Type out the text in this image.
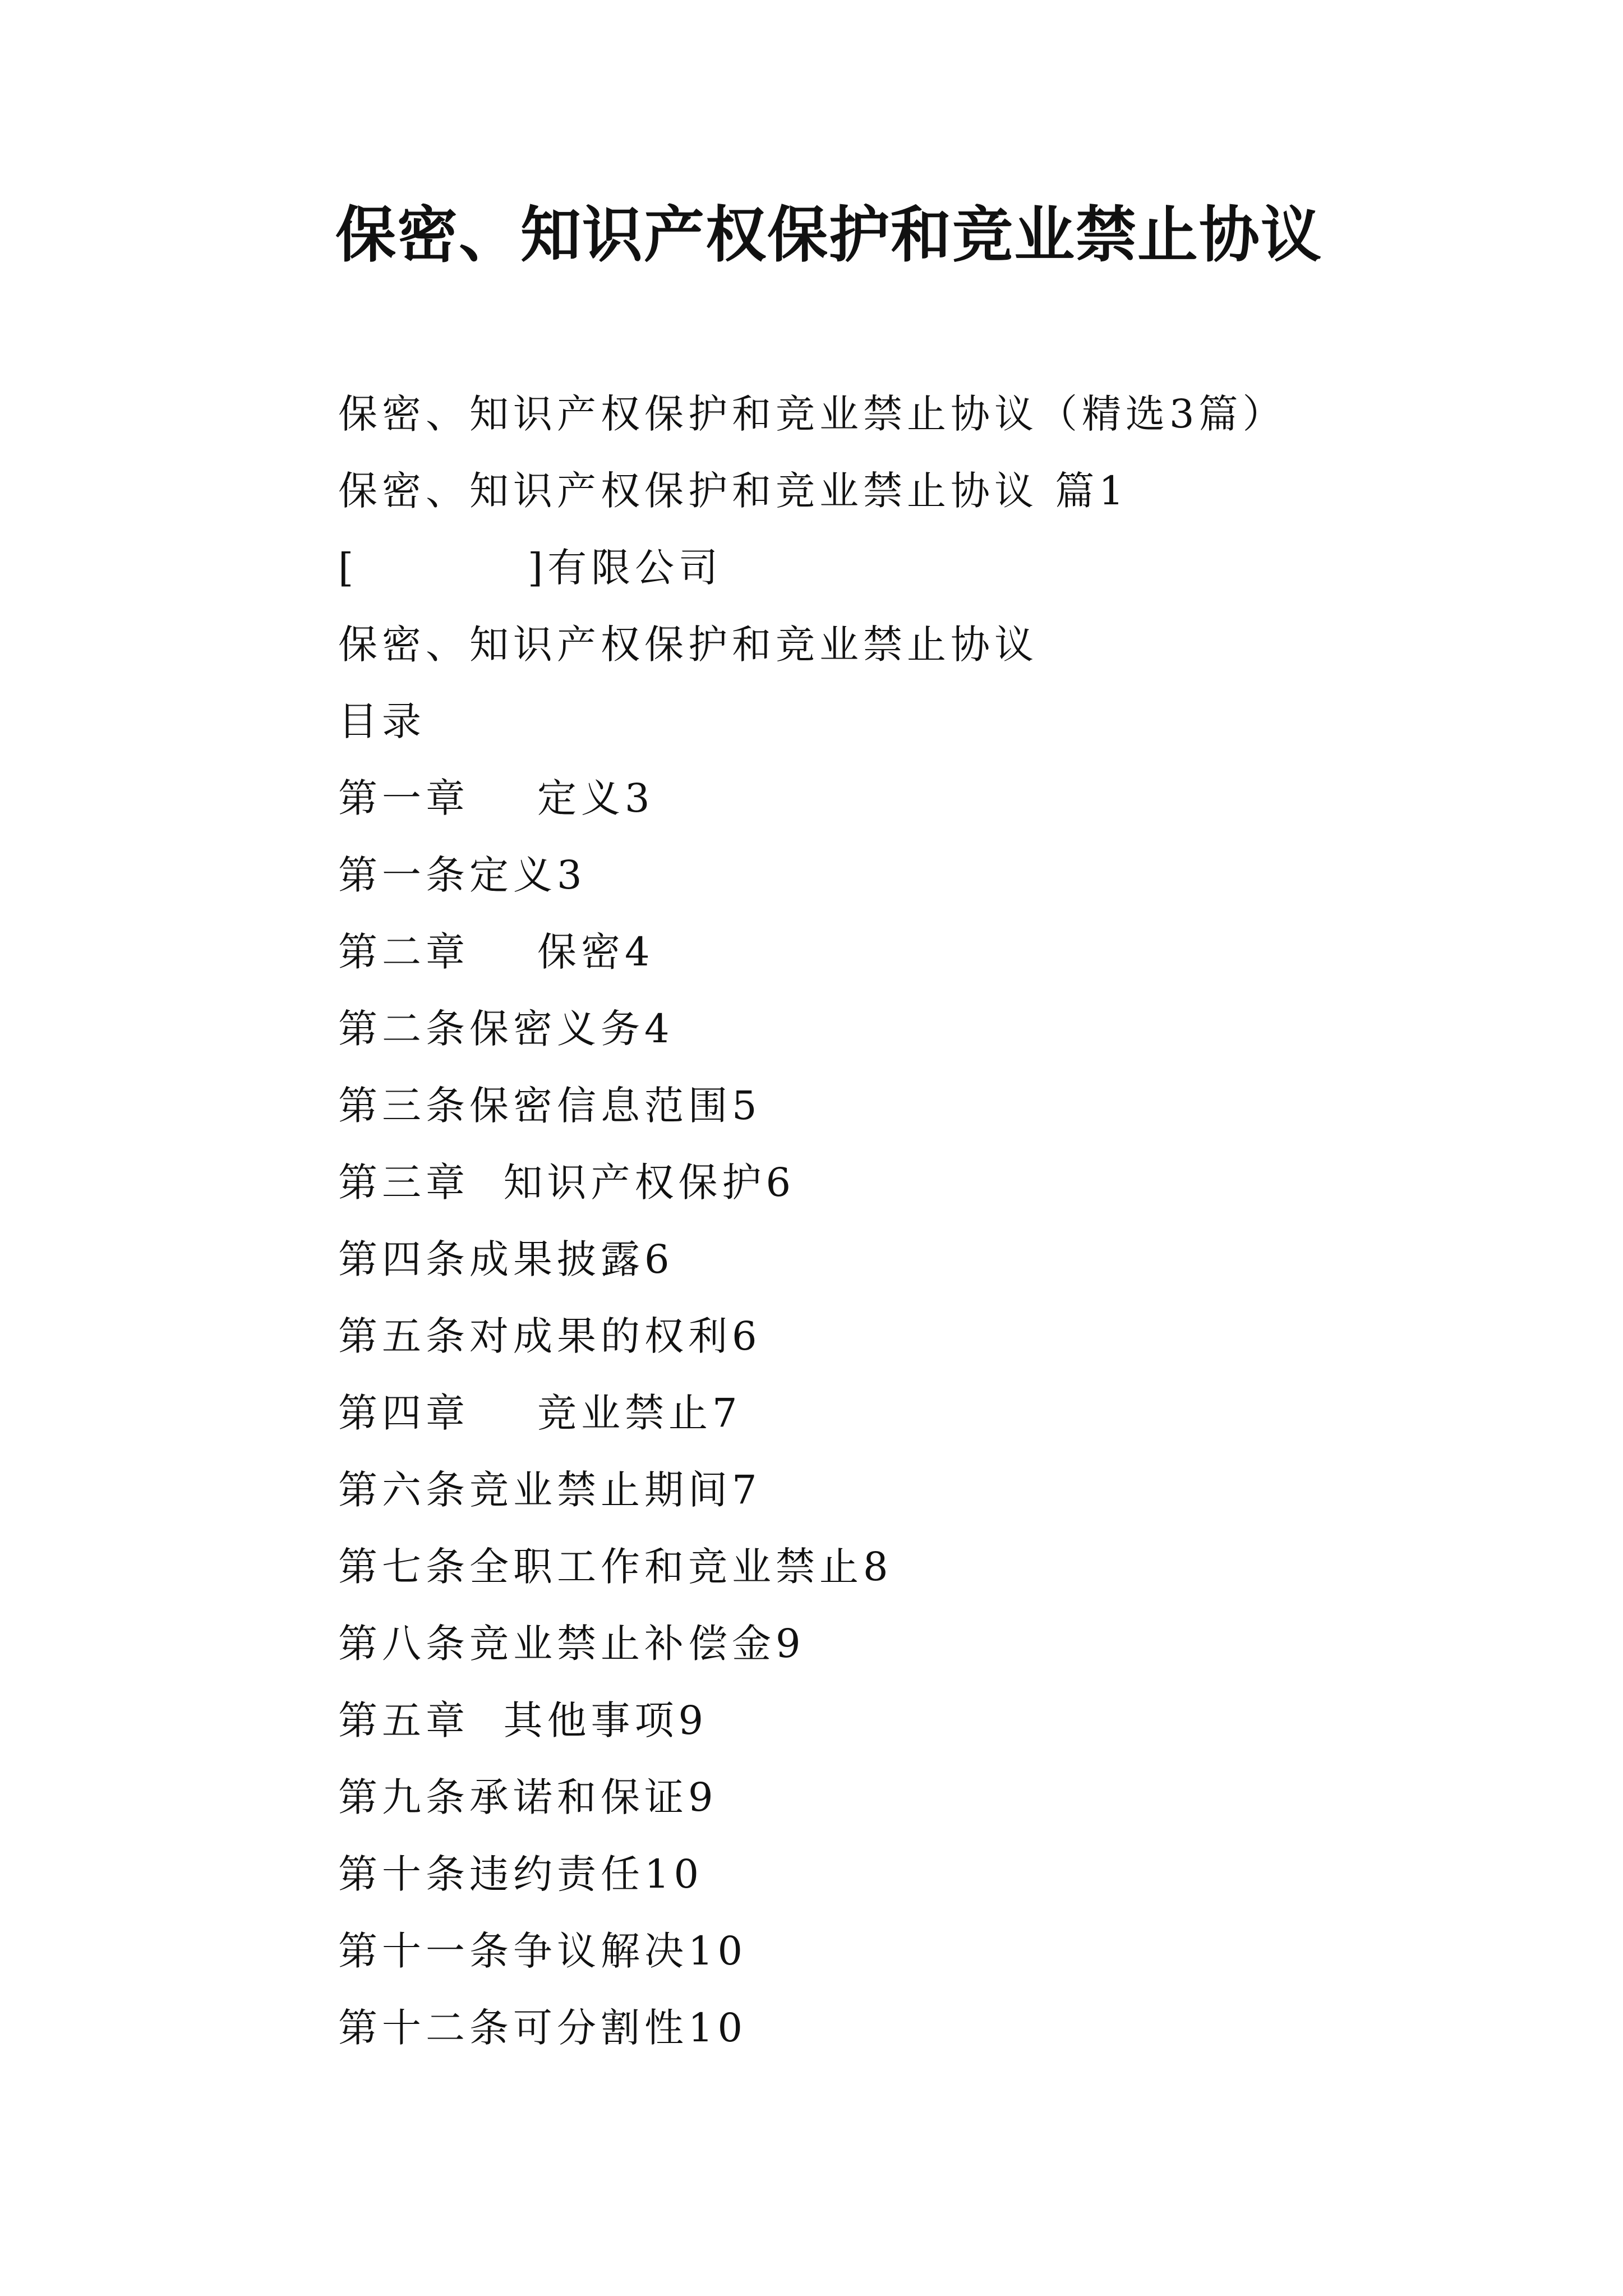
保密、知识产权保护和竞业禁止协议
保密、知识产权保护和竞业禁止协议（精选3篇）
保密、知识产权保护和竞业禁止协议 篇1
[          ]有限公司
保密、知识产权保护和竞业禁止协议
目录
第一章    定义3
第一条定义3
第二章    保密4
第二条保密义务4
第三条保密信息范围5
第三章  知识产权保护6
第四条成果披露6
第五条对成果的权利6
第四章    竞业禁止7
第六条竞业禁止期间7
第七条全职工作和竞业禁止8
第八条竞业禁止补偿金9
第五章  其他事项9
第九条承诺和保证9
第十条违约责任10
第十一条争议解决10
第十二条可分割性10
